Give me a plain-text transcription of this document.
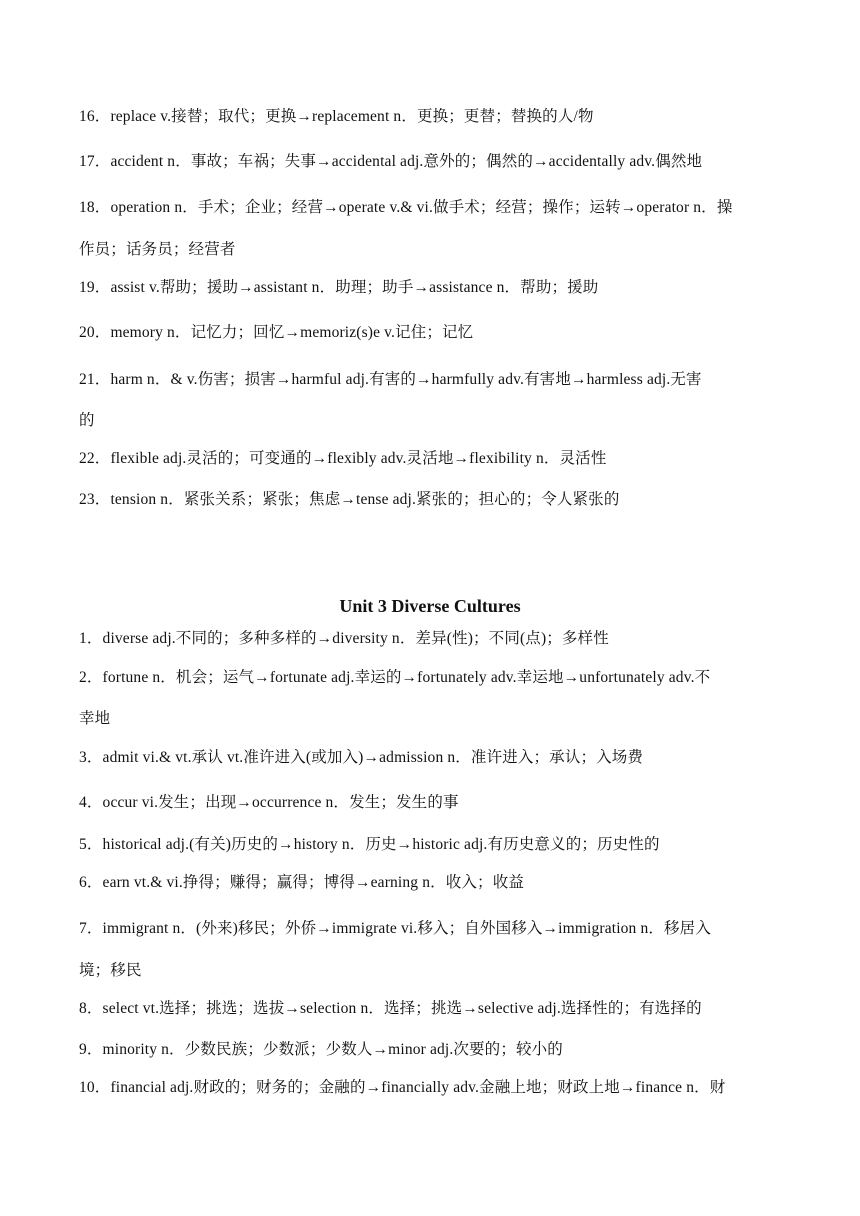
16．replace v.接替；取代；更换→replacement n．更换；更替；替换的人/物
17．accident n．事故；车祸；失事→accidental adj.意外的；偶然的→accidentally adv.偶然地
18．operation n．手术；企业；经营→operate v.& vi.做手术；经营；操作；运转→operator n．操
作员；话务员；经营者
19．assist v.帮助；援助→assistant n．助理；助手→assistance n．帮助；援助
20．memory n．记忆力；回忆→memoriz(s)e v.记住；记忆
21．harm n．& v.伤害；损害→harmful adj.有害的→harmfully adv.有害地→harmless adj.无害
的
22．flexible adj.灵活的；可变通的→flexibly adv.灵活地→flexibility n．灵活性
23．tension n．紧张关系；紧张；焦虑→tense adj.紧张的；担心的；令人紧张的
Unit 3 Diverse Cultures
1．diverse adj.不同的；多种多样的→diversity n．差异(性)；不同(点)；多样性
2．fortune n．机会；运气→fortunate adj.幸运的→fortunately adv.幸运地→unfortunately adv.不
幸地
3．admit vi.& vt.承认 vt.准许进入(或加入)→admission n．准许进入；承认；入场费
4．occur vi.发生；出现→occurrence n．发生；发生的事
5．historical adj.(有关)历史的→history n．历史→historic adj.有历史意义的；历史性的
6．earn vt.& vi.挣得；赚得；赢得；博得→earning n．收入；收益
7．immigrant n．(外来)移民；外侨→immigrate vi.移入；自外国移入→immigration n．移居入
境；移民
8．select vt.选择；挑选；选拔→selection n．选择；挑选→selective adj.选择性的；有选择的
9．minority n．少数民族；少数派；少数人→minor adj.次要的；较小的
10．financial adj.财政的；财务的；金融的→financially adv.金融上地；财政上地→finance n．财
